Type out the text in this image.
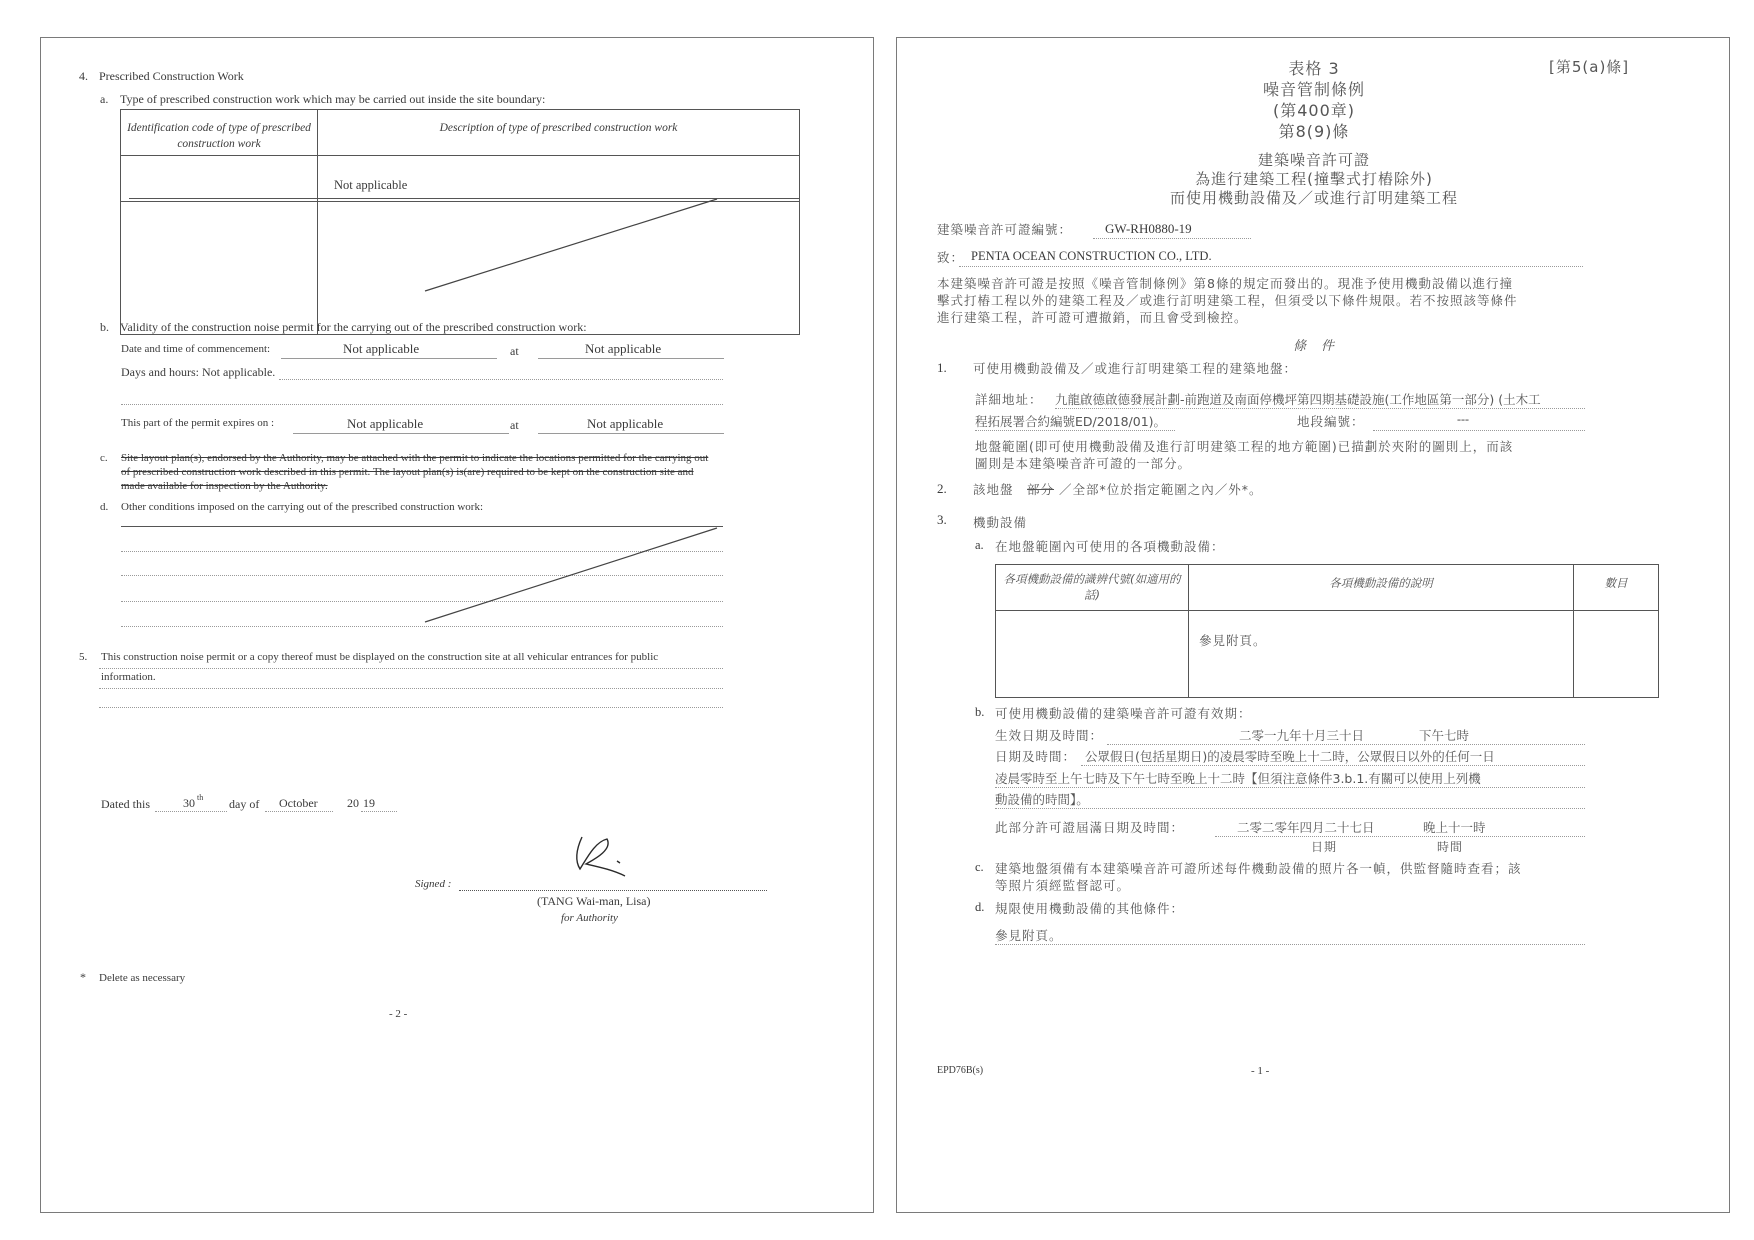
4. Prescribed Construction Work
a. Type of prescribed construction work which may be carried out inside the site boundary:
Identification code of type of prescribed construction work	Description of type of prescribed construction work
	Not applicable

b. Validity of the construction noise permit for the carrying out of the prescribed construction work:
Date and time of commencement:	Not applicable	at	Not applicable
Days and hours: Not applicable.
This part of the permit expires on :	Not applicable	at	Not applicable
c. Site layout plan(s), endorsed by the Authority, may be attached with the permit to indicate the locations permitted for the carrying out
of prescribed construction work described in this permit. The layout plan(s) is(are) required to be kept on the construction site and
made available for inspection by the Authority.
d. Other conditions imposed on the carrying out of the prescribed construction work:
5. This construction noise permit or a copy thereof must be displayed on the construction site at all vehicular entrances for public
information.
Dated this	30 th day of October 20 19
Signed :
(TANG Wai-man, Lisa)
for Authority
* Delete as necessary
- 2 -
表格 3
噪音管制條例
(第400章)
第8(9)條
[第5(a)條]
建築噪音許可證
為進行建築工程(撞擊式打樁除外)
而使用機動設備及／或進行訂明建築工程
建築噪音許可證編號：	GW-RH0880-19
致： PENTA OCEAN CONSTRUCTION CO., LTD.
本建築噪音許可證是按照《噪音管制條例》第8條的規定而發出的。現准予使用機動設備以進行撞
擊式打樁工程以外的建築工程及／或進行訂明建築工程，但須受以下條件規限。若不按照該等條件
進行建築工程，許可證可遭撤銷，而且會受到檢控。
條　件
1. 可使用機動設備及／或進行訂明建築工程的建築地盤：
詳細地址： 九龍啟德啟德發展計劃-前跑道及南面停機坪第四期基礎設施(工作地區第一部分) (土木工
程拓展署合約編號ED/2018/01)。	地段編號：	---
地盤範圍(即可使用機動設備及進行訂明建築工程的地方範圍)已描劃於夾附的圖則上，而該
圖則是本建築噪音許可證的一部分。
2. 該地盤 部分 ／全部*位於指定範圍之內／外*。
3. 機動設備
a. 在地盤範圍內可使用的各項機動設備：
各項機動設備的識辨代號(如適用的話)	各項機動設備的說明	數目
	參見附頁。	
b. 可使用機動設備的建築噪音許可證有效期：
生效日期及時間：	二零一九年十月三十日	下午七時
日期及時間： 公眾假日(包括星期日)的凌晨零時至晚上十二時，公眾假日以外的任何一日
凌晨零時至上午七時及下午七時至晚上十二時【但須注意條件3.b.1.有關可以使用上列機
動設備的時間】。
此部分許可證屆滿日期及時間：	二零二零年四月二十七日	晚上十一時
日期	時間
c. 建築地盤須備有本建築噪音許可證所述每件機動設備的照片各一幀，供監督隨時查看；該
等照片須經監督認可。
d. 規限使用機動設備的其他條件：
參見附頁。
EPD76B(s)	- 1 -
